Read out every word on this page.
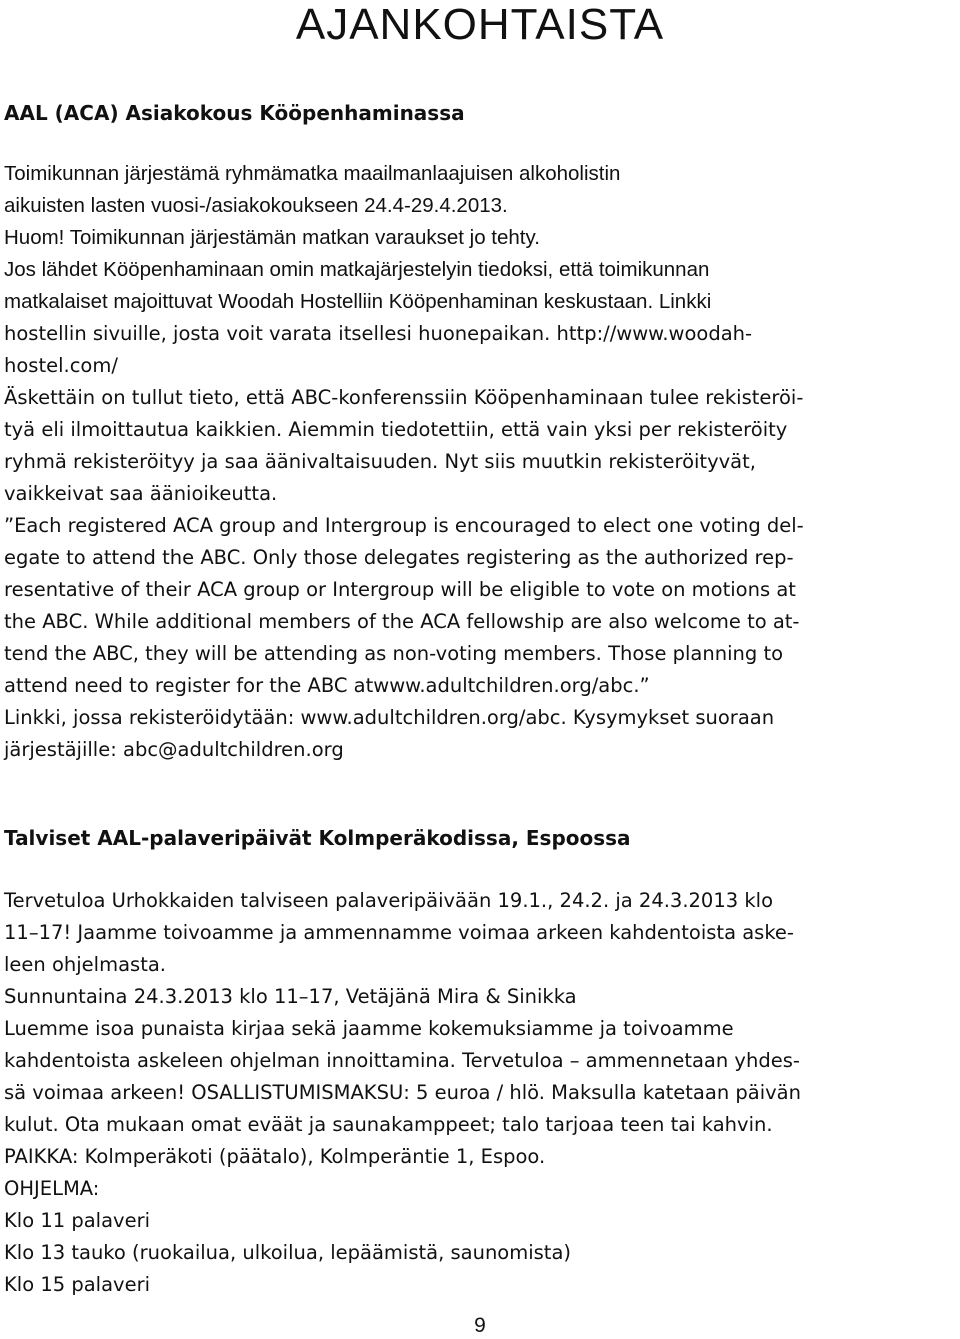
AJANKOHTAISTA
AAL (ACA) Asiakokous Kööpenhaminassa
Toimikunnan järjestämä ryhmämatka maailmanlaajuisen alkoholistin
aikuisten lasten vuosi-/asiakokoukseen 24.4-29.4.2013.
Huom! Toimikunnan järjestämän matkan varaukset jo tehty.
Jos lähdet Kööpenhaminaan omin matkajärjestelyin tiedoksi, että toimikunnan
matkalaiset majoittuvat Woodah Hostelliin Kööpenhaminan keskustaan. Linkki
hostellin sivuille, josta voit varata itsellesi huonepaikan. http://www.woodah-
hostel.com/
Äskettäin on tullut tieto, että ABC-konferenssiin Kööpenhaminaan tulee rekisteröi-
tyä eli ilmoittautua kaikkien. Aiemmin tiedotettiin, että vain yksi per rekisteröity
ryhmä rekisteröityy ja saa äänivaltaisuuden. Nyt siis muutkin rekisteröityvät,
vaikkeivat saa äänioikeutta.
”Each registered ACA group and Intergroup is encouraged to elect one voting del-
egate to attend the ABC. Only those delegates registering as the authorized rep-
resentative of their ACA group or Intergroup will be eligible to vote on motions at
the ABC. While additional members of the ACA fellowship are also welcome to at-
tend the ABC, they will be attending as non-voting members. Those planning to
attend need to register for the ABC atwww.adultchildren.org/abc.”
Linkki, jossa rekisteröidytään: www.adultchildren.org/abc. Kysymykset suoraan
järjestäjille: abc@adultchildren.org
Talviset AAL-palaveripäivät Kolmperäkodissa, Espoossa
Tervetuloa Urhokkaiden talviseen palaveripäivään 19.1., 24.2. ja 24.3.2013 klo
11–17! Jaamme toivoamme ja ammennamme voimaa arkeen kahdentoista aske-
leen ohjelmasta.
Sunnuntaina 24.3.2013 klo 11–17, Vetäjänä Mira & Sinikka
Luemme isoa punaista kirjaa sekä jaamme kokemuksiamme ja toivoamme
kahdentoista askeleen ohjelman innoittamina. Tervetuloa – ammennetaan yhdes-
sä voimaa arkeen! OSALLISTUMISMAKSU: 5 euroa / hlö. Maksulla katetaan päivän
kulut. Ota mukaan omat eväät ja saunakamppeet; talo tarjoaa teen tai kahvin.
PAIKKA: Kolmperäkoti (päätalo), Kolmperäntie 1, Espoo.
OHJELMA:
Klo 11 palaveri
Klo 13 tauko (ruokailua, ulkoilua, lepäämistä, saunomista)
Klo 15 palaveri
9
